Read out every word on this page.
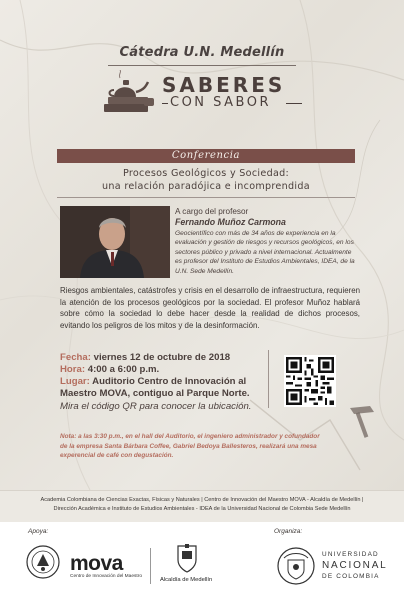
Cátedra U.N. Medellín
SABERES
CON SABOR
Conferencia
Procesos Geológicos y Sociedad:
una relación paradójica e incomprendida
A cargo del profesor
Fernando Muñoz Carmona
Geocientífico con más de 34 años de experiencia en la evaluación y gestión de riesgos y recursos geológicos, en los sectores público y privado a nivel internacional. Actualmente es profesor del Instituto de Estudios Ambientales, IDEA, de la U.N. Sede Medellín.
Riesgos ambientales, catástrofes y crisis en el desarrollo de infraestructura, requieren la atención de los procesos geológicos por la sociedad. El profesor Muñoz hablará sobre cómo la sociedad lo debe hacer desde la realidad de dichos procesos, evitando los peligros de los mitos y de la desinformación.
Fecha: viernes 12 de octubre de 2018
Hora: 4:00 a 6:00 p.m.
Lugar: Auditorio Centro de Innovación al
Maestro MOVA, contiguo al Parque Norte.
Mira el código QR para conocer la ubicación.
Nota: a las 3:30 p.m., en el hall del Auditorio, el ingeniero administrador y cofundador
de la empresa Santa Bárbara Coffee, Gabriel Bedoya Ballesteros, realizará una mesa
experencial de café con degustación.
Academia Colombiana de Ciencias Exactas, Físicas y Naturales | Centro de Innovación del Maestro MOVA - Alcaldía de Medellín |
Dirección Académica e Instituto de Estudios Ambientales - IDEA de la Universidad Nacional de Colombia Sede Medellín
Apoya:	Organiza:
mova
Centro de Innovación del Maestro
Alcaldía de Medellín
UNIVERSIDAD
NACIONAL
DE COLOMBIA
